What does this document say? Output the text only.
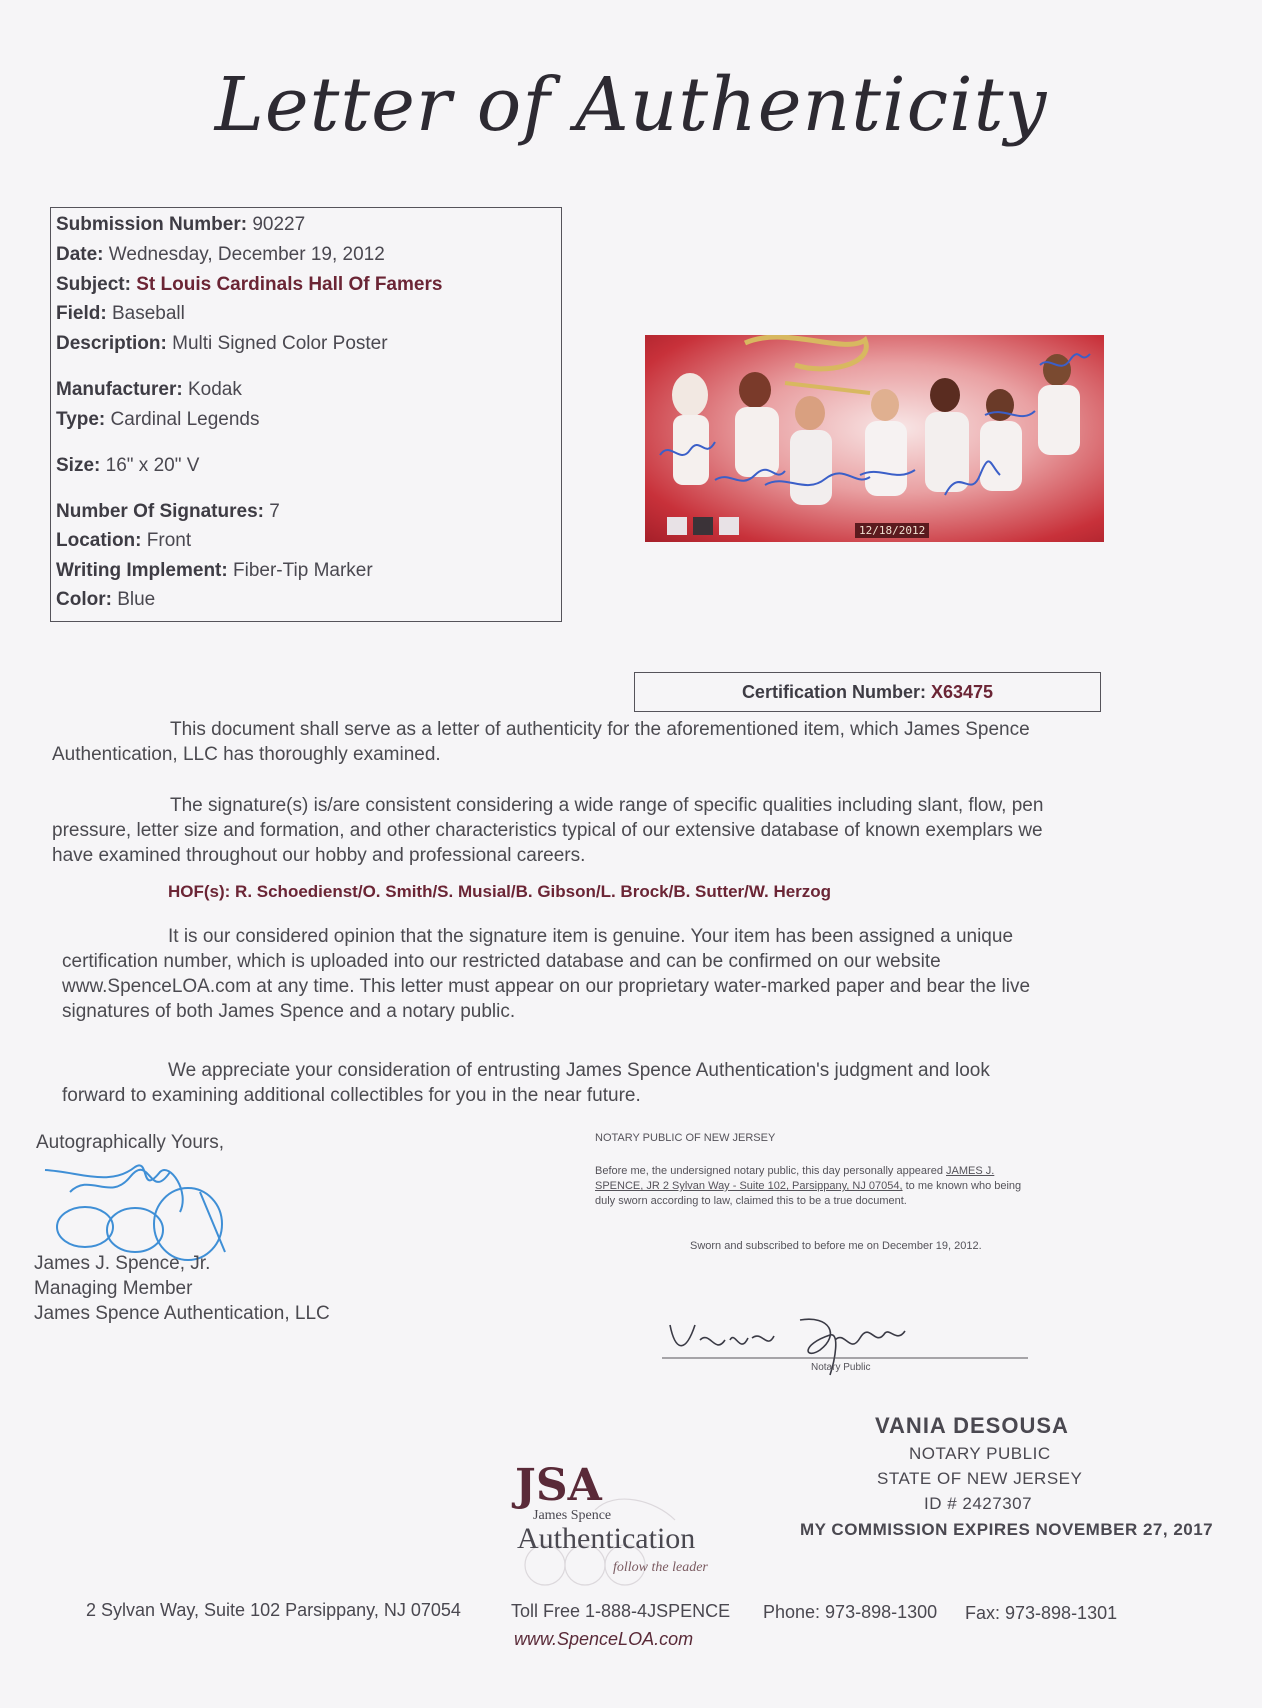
Letter of Authenticity
Submission Number: 90227
Date: Wednesday, December 19, 2012
Subject: St Louis Cardinals Hall Of Famers
Field: Baseball
Description: Multi Signed Color Poster
Manufacturer: Kodak
Type: Cardinal Legends
Size: 16" x 20" V
Number Of Signatures: 7
Location: Front
Writing Implement: Fiber-Tip Marker
Color: Blue
12/18/2012
Certification Number: X63475
This document shall serve as a letter of authenticity for the aforementioned item, which James Spence Authentication, LLC has thoroughly examined.
The signature(s) is/are consistent considering a wide range of specific qualities including slant, flow, pen pressure, letter size and formation, and other characteristics typical of our extensive database of known exemplars we have examined throughout our hobby and professional careers.
HOF(s): R. Schoedienst/O. Smith/S. Musial/B. Gibson/L. Brock/B. Sutter/W. Herzog
It is our considered opinion that the signature item is genuine. Your item has been assigned a unique certification number, which is uploaded into our restricted database and can be confirmed on our website www.SpenceLOA.com at any time. This letter must appear on our proprietary water-marked paper and bear the live signatures of both James Spence and a notary public.
We appreciate your consideration of entrusting James Spence Authentication's judgment and look forward to examining additional collectibles for you in the near future.
Autographically Yours,
James J. Spence, Jr.
Managing Member
James Spence Authentication, LLC
NOTARY PUBLIC OF NEW JERSEY
Before me, the undersigned notary public, this day personally appeared JAMES J.
SPENCE, JR 2 Sylvan Way - Suite 102, Parsippany, NJ 07054, to me known who being
duly sworn according to law, claimed this to be a true document.
Sworn and subscribed to before me on December 19, 2012.
Notary Public
VANIA DESOUSA
NOTARY PUBLIC
STATE OF NEW JERSEY
ID # 2427307
MY COMMISSION EXPIRES NOVEMBER 27, 2017
JSA
James Spence
Authentication
follow the leader
2 Sylvan Way, Suite 102 Parsippany, NJ 07054	Toll Free 1-888-4JSPENCE Phone: 973-898-1300 Fax: 973-898-1301
www.SpenceLOA.com
